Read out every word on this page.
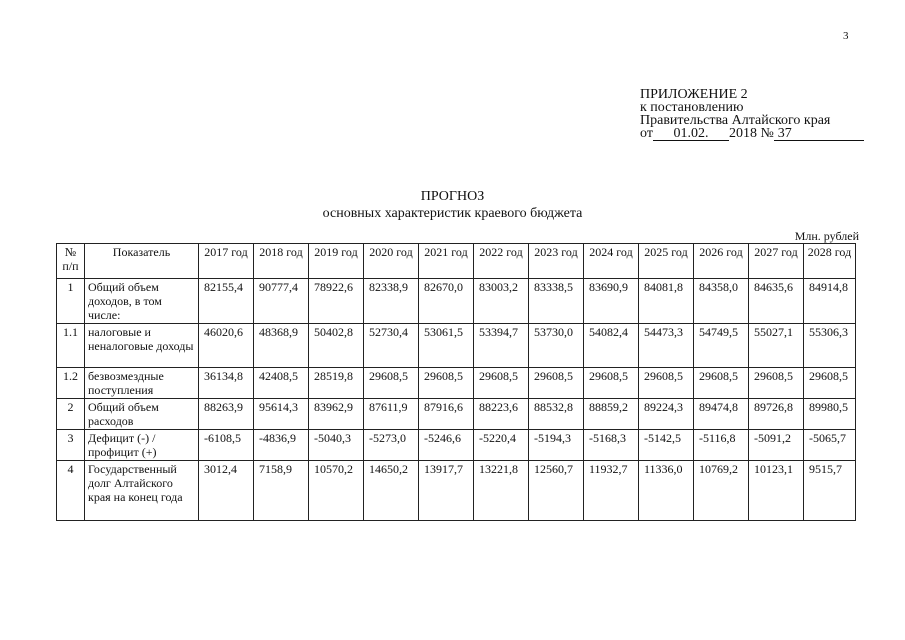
3
ПРИЛОЖЕНИЕ 2
к постановлению
Правительства Алтайского края
от 01.02. 2018 № 37
ПРОГНОЗ
основных характеристик краевого бюджета
Млн. рублей
№ п/п	Показатель	2017 год	2018 год	2019 год	2020 год	2021 год	2022 год	2023 год	2024 год	2025 год	2026 год	2027 год	2028 год
1	Общий объем доходов, в том числе:	82155,4	90777,4	78922,6	82338,9	82670,0	83003,2	83338,5	83690,9	84081,8	84358,0	84635,6	84914,8
1.1	налоговые и неналоговые доходы	46020,6	48368,9	50402,8	52730,4	53061,5	53394,7	53730,0	54082,4	54473,3	54749,5	55027,1	55306,3
1.2	безвозмездные поступления	36134,8	42408,5	28519,8	29608,5	29608,5	29608,5	29608,5	29608,5	29608,5	29608,5	29608,5	29608,5
2	Общий объем расходов	88263,9	95614,3	83962,9	87611,9	87916,6	88223,6	88532,8	88859,2	89224,3	89474,8	89726,8	89980,5
3	Дефицит (-) / профицит (+)	-6108,5	-4836,9	-5040,3	-5273,0	-5246,6	-5220,4	-5194,3	-5168,3	-5142,5	-5116,8	-5091,2	-5065,7
4	Государственный долг Алтайского края на конец года	3012,4	7158,9	10570,2	14650,2	13917,7	13221,8	12560,7	11932,7	11336,0	10769,2	10123,1	9515,7
